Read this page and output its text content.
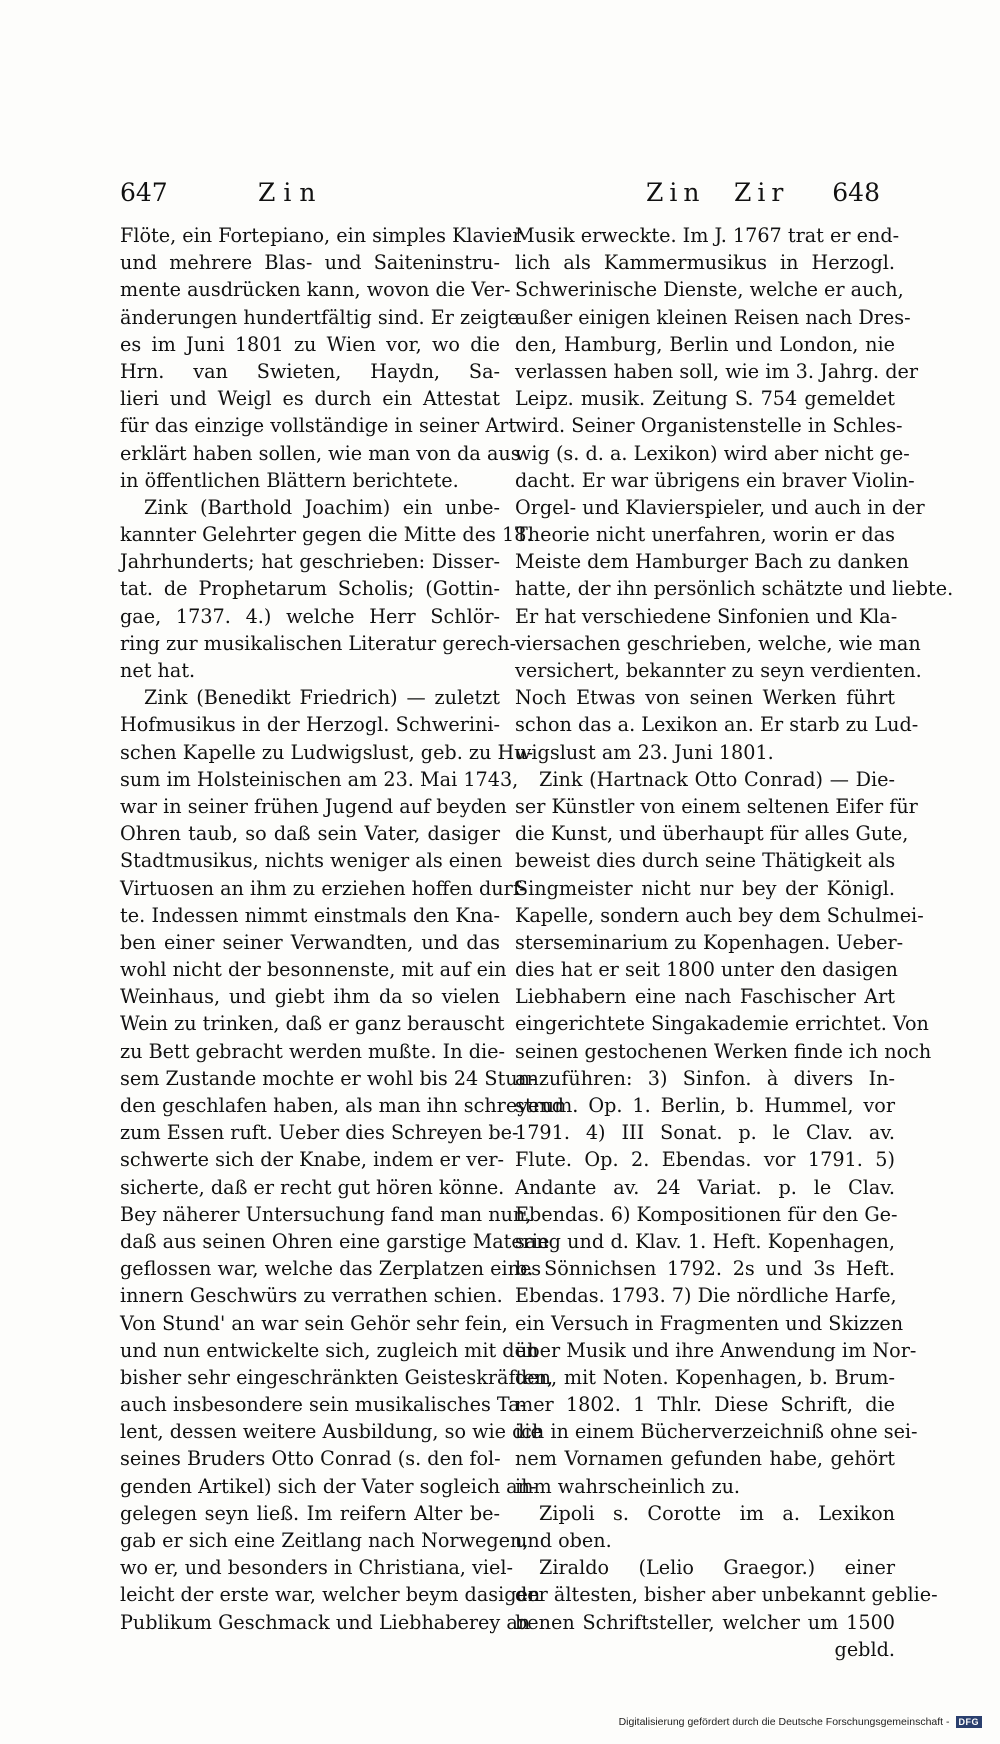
647	Zin	Zin Zir 648
Flöte, ein Fortepiano, ein simples Klavier
und mehrere Blas- und Saiteninstru-
mente ausdrücken kann, wovon die Ver-
änderungen hundertfältig sind. Er zeigte
es im Juni 1801 zu Wien vor, wo die
Hrn. van Swieten, Haydn, Sa-
lieri und Weigl es durch ein Attestat
für das einzige vollständige in seiner Art
erklärt haben sollen, wie man von da aus
in öffentlichen Blättern berichtete.
Zink (Barthold Joachim) ein unbe-
kannter Gelehrter gegen die Mitte des 18.
Jahrhunderts; hat geschrieben: Disser-
tat. de Prophetarum Scholis; (Gottin-
gae, 1737. 4.) welche Herr Schlör-
ring zur musikalischen Literatur gerech-
net hat.
Zink (Benedikt Friedrich) — zuletzt
Hofmusikus in der Herzogl. Schwerini-
schen Kapelle zu Ludwigslust, geb. zu Hu-
sum im Holsteinischen am 23. Mai 1743,
war in seiner frühen Jugend auf beyden
Ohren taub, so daß sein Vater, dasiger
Stadtmusikus, nichts weniger als einen
Virtuosen an ihm zu erziehen hoffen durf-
te. Indessen nimmt einstmals den Kna-
ben einer seiner Verwandten, und das
wohl nicht der besonnenste, mit auf ein
Weinhaus, und giebt ihm da so vielen
Wein zu trinken, daß er ganz berauscht
zu Bett gebracht werden mußte. In die-
sem Zustande mochte er wohl bis 24 Stun-
den geschlafen haben, als man ihn schreyend
zum Essen ruft. Ueber dies Schreyen be-
schwerte sich der Knabe, indem er ver-
sicherte, daß er recht gut hören könne.
Bey näherer Untersuchung fand man nun,
daß aus seinen Ohren eine garstige Materie
geflossen war, welche das Zerplatzen eines
innern Geschwürs zu verrathen schien.
Von Stund' an war sein Gehör sehr fein,
und nun entwickelte sich, zugleich mit den
bisher sehr eingeschränkten Geisteskräften,
auch insbesondere sein musikalisches Ta-
lent, dessen weitere Ausbildung, so wie die
seines Bruders Otto Conrad (s. den fol-
genden Artikel) sich der Vater sogleich an-
gelegen seyn ließ. Im reifern Alter be-
gab er sich eine Zeitlang nach Norwegen,
wo er, und besonders in Christiana, viel-
leicht der erste war, welcher beym dasigen
Publikum Geschmack und Liebhaberey an
Musik erweckte. Im J. 1767 trat er end-
lich als Kammermusikus in Herzogl.
Schwerinische Dienste, welche er auch,
außer einigen kleinen Reisen nach Dres-
den, Hamburg, Berlin und London, nie
verlassen haben soll, wie im 3. Jahrg. der
Leipz. musik. Zeitung S. 754 gemeldet
wird. Seiner Organistenstelle in Schles-
wig (s. d. a. Lexikon) wird aber nicht ge-
dacht. Er war übrigens ein braver Violin-
Orgel- und Klavierspieler, und auch in der
Theorie nicht unerfahren, worin er das
Meiste dem Hamburger Bach zu danken
hatte, der ihn persönlich schätzte und liebte.
Er hat verschiedene Sinfonien und Kla-
viersachen geschrieben, welche, wie man
versichert, bekannter zu seyn verdienten.
Noch Etwas von seinen Werken führt
schon das a. Lexikon an. Er starb zu Lud-
wigslust am 23. Juni 1801.
Zink (Hartnack Otto Conrad) — Die-
ser Künstler von einem seltenen Eifer für
die Kunst, und überhaupt für alles Gute,
beweist dies durch seine Thätigkeit als
Singmeister nicht nur bey der Königl.
Kapelle, sondern auch bey dem Schulmei-
sterseminarium zu Kopenhagen. Ueber-
dies hat er seit 1800 unter den dasigen
Liebhabern eine nach Faschischer Art
eingerichtete Singakademie errichtet. Von
seinen gestochenen Werken finde ich noch
anzuführen: 3) Sinfon. à divers In-
strum. Op. 1. Berlin, b. Hummel, vor
1791. 4) III Sonat. p. le Clav. av.
Flute. Op. 2. Ebendas. vor 1791. 5)
Andante av. 24 Variat. p. le Clav.
Ebendas. 6) Kompositionen für den Ge-
sang und d. Klav. 1. Heft. Kopenhagen,
b. Sönnichsen 1792. 2s und 3s Heft.
Ebendas. 1793. 7) Die nördliche Harfe,
ein Versuch in Fragmenten und Skizzen
über Musik und ihre Anwendung im Nor-
den, mit Noten. Kopenhagen, b. Brum-
mer 1802. 1 Thlr. Diese Schrift, die
ich in einem Bücherverzeichniß ohne sei-
nem Vornamen gefunden habe, gehört
ihm wahrscheinlich zu.
Zipoli s. Corotte im a. Lexikon
und oben.
Ziraldo (Lelio Graegor.) einer
der ältesten, bisher aber unbekannt geblie-
benen Schriftsteller, welcher um 1500
gebld.
Digitalisierung gefördert durch die Deutsche Forschungsgemeinschaft -	DFG
